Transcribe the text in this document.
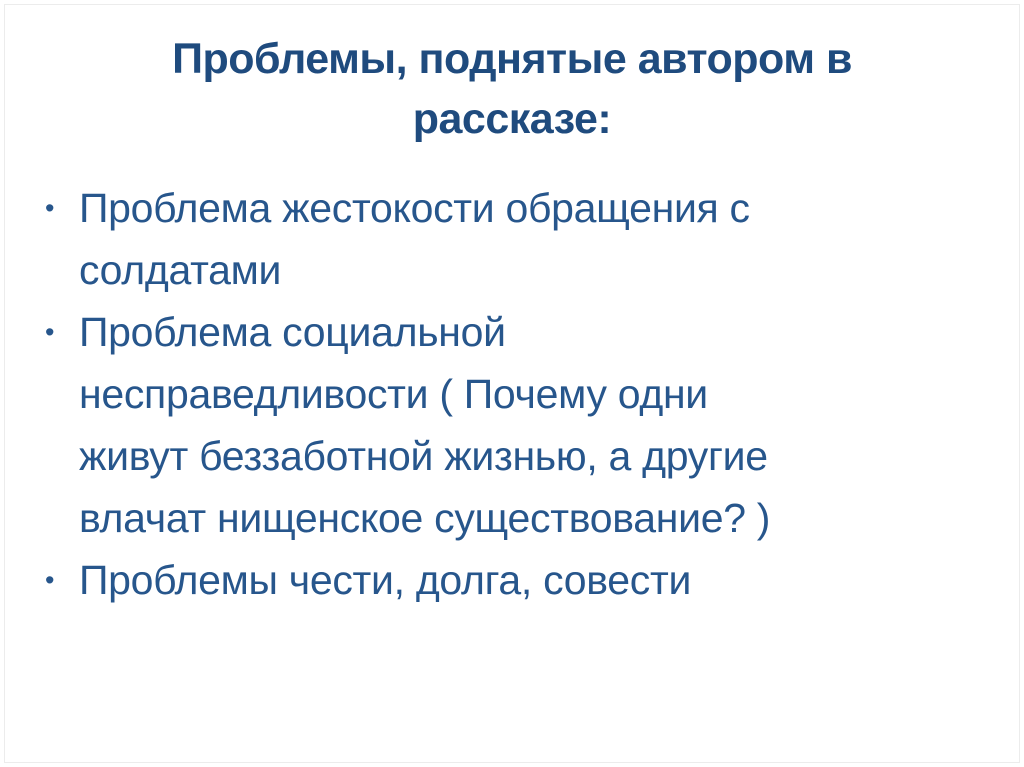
Проблемы, поднятые автором в
рассказе:
• Проблема жестокости обращения с
солдатами
• Проблема социальной
несправедливости ( Почему одни
живут беззаботной жизнью, а другие
влачат нищенское существование? )
• Проблемы чести, долга, совести
